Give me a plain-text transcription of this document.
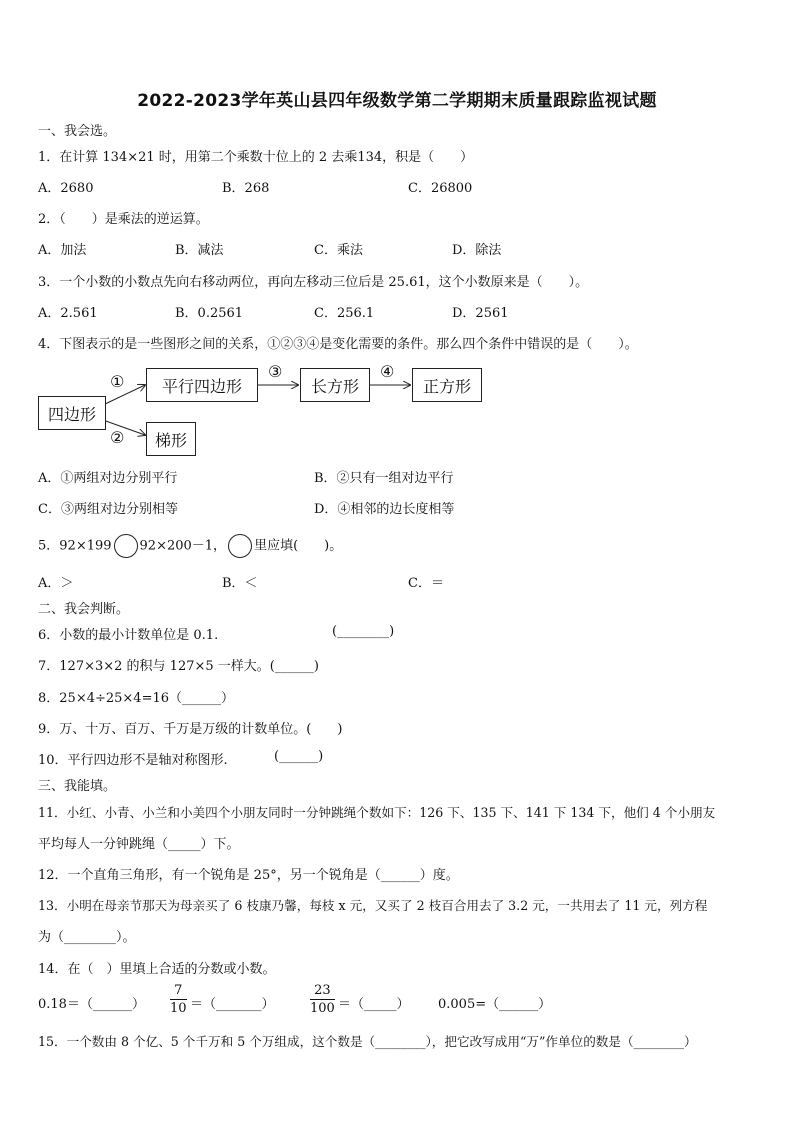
2022-2023学年英山县四年级数学第二学期期末质量跟踪监视试题
一、我会选。
1．在计算 134×21 时，用第二个乘数十位上的 2 去乘134，积是（　　）
A．2680	B．268	C．26800
2．（　　）是乘法的逆运算。
A．加法	B．减法	C．乘法	D．除法
3．一个小数的小数点先向右移动两位，再向左移动三位后是 25.61，这个小数原来是（　　）。
A．2.561	B．0.2561	C．256.1	D．2561
4．下图表示的是一些图形之间的关系，①②③④是变化需要的条件。那么四个条件中错误的是（　　）。
四边形
平行四边形	长方形	正方形
梯形
①
②
③	④
A．①两组对边分别平行	B．②只有一组对边平行
C．③两组对边分别相等	D．④相邻的边长度相等
5．92×199 92×200－1， 里应填(　　)。
A．＞	B．＜	C．＝
二、我会判断。
6．小数的最小计数单位是 0.1.	(________)
7．127×3×2 的积与 127×5 一样大。(______)
8．25×4÷25×4=16（______）
9．万、十万、百万、千万是万级的计数单位。(　　)
10．平行四边形不是轴对称图形.	(______)
三、我能填。
11．小红、小青、小兰和小美四个小朋友同时一分钟跳绳个数如下：126 下、135 下、141 下 134 下，他们 4 个小朋友
平均每人一分钟跳绳（_____）下。
12．一个直角三角形，有一个锐角是 25°，另一个锐角是（______）度。
13．小明在母亲节那天为母亲买了 6 枝康乃馨，每枝 x 元，又买了 2 枝百合用去了 3.2 元，一共用去了 11 元，列方程
为（________）。
14．在（　）里填上合适的分数或小数。
0.18＝（______）
7
10 ＝（_______）
23
100 ＝（_____） 0.005=（______）
15．一个数由 8 个亿、5 个千万和 5 个万组成，这个数是（________），把它改写成用“万”作单位的数是（________）
